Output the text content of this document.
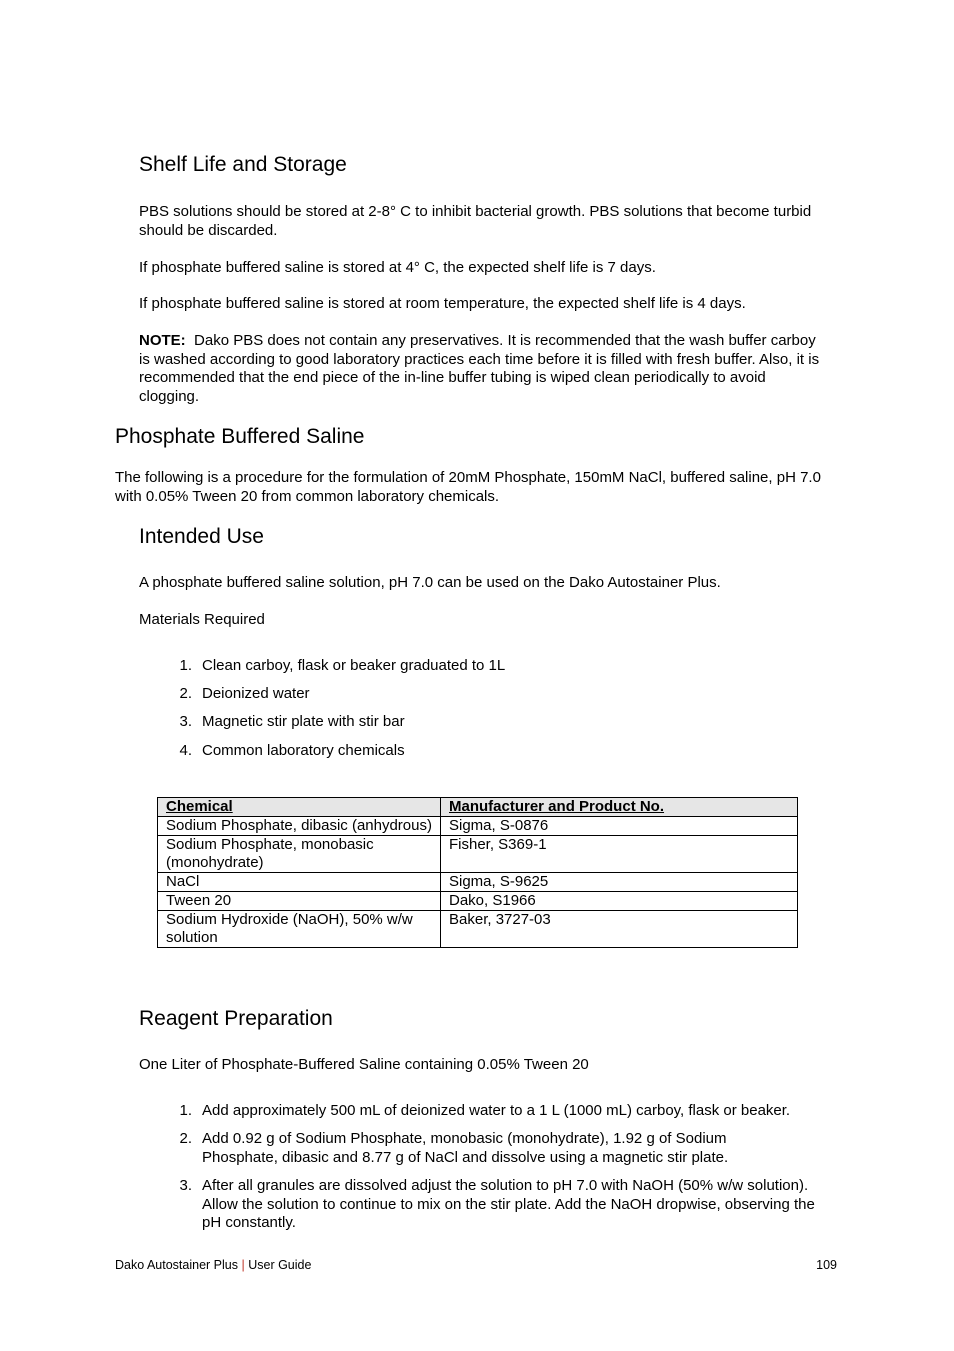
Shelf Life and Storage

PBS solutions should be stored at 2-8° C to inhibit bacterial growth. PBS solutions that become turbid should be discarded.

If phosphate buffered saline is stored at 4° C, the expected shelf life is 7 days.

If phosphate buffered saline is stored at room temperature, the expected shelf life is 4 days.

NOTE: Dako PBS does not contain any preservatives. It is recommended that the wash buffer carboy is washed according to good laboratory practices each time before it is filled with fresh buffer. Also, it is recommended that the end piece of the in-line buffer tubing is wiped clean periodically to avoid clogging.

Phosphate Buffered Saline

The following is a procedure for the formulation of 20mM Phosphate, 150mM NaCl, buffered saline, pH 7.0 with 0.05% Tween 20 from common laboratory chemicals.

Intended Use

A phosphate buffered saline solution, pH 7.0 can be used on the Dako Autostainer Plus.

Materials Required

1. Clean carboy, flask or beaker graduated to 1L
2. Deionized water
3. Magnetic stir plate with stir bar
4. Common laboratory chemicals
Chemical	Manufacturer and Product No.
Sodium Phosphate, dibasic (anhydrous)	Sigma, S-0876
Sodium Phosphate, monobasic (monohydrate)	Fisher, S369-1
NaCl	Sigma, S-9625
Tween 20	Dako, S1966
Sodium Hydroxide (NaOH), 50% w/w solution	Baker, 3727-03
Reagent Preparation

One Liter of Phosphate-Buffered Saline containing 0.05% Tween 20

1. Add approximately 500 mL of deionized water to a 1 L (1000 mL) carboy, flask or beaker.
2. Add 0.92 g of Sodium Phosphate, monobasic (monohydrate), 1.92 g of Sodium Phosphate, dibasic and 8.77 g of NaCl and dissolve using a magnetic stir plate.
3. After all granules are dissolved adjust the solution to pH 7.0 with NaOH (50% w/w solution). Allow the solution to continue to mix on the stir plate. Add the NaOH dropwise, observing the pH constantly.
Dako Autostainer Plus | User Guide	109
